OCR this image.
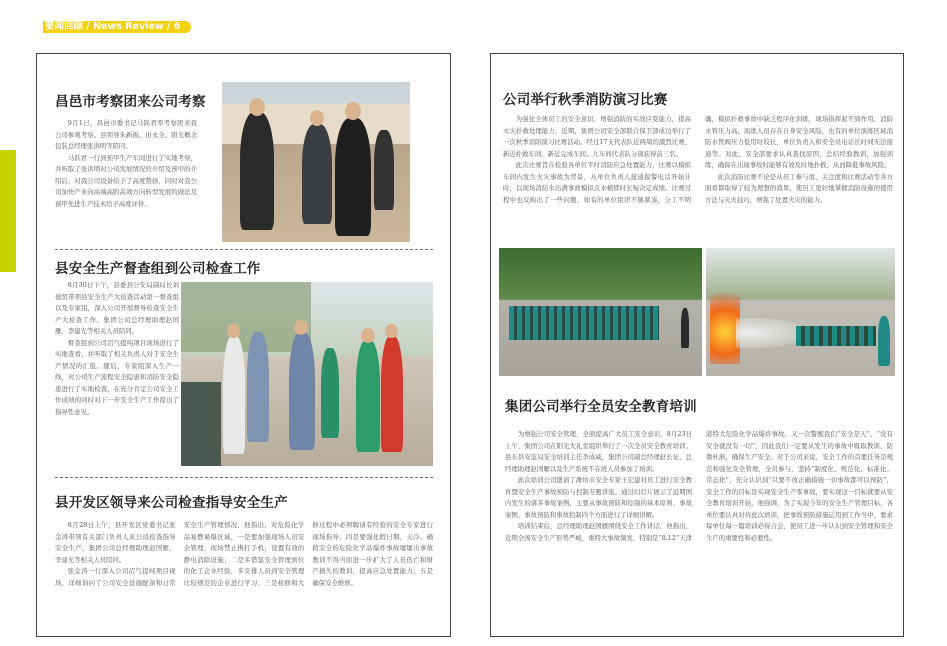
要闻回顾 / News Review / 6
昌邑市考察团来公司考察

9月1日，昌邑市委书记马跃君率考察团来我公司参观考察。县领导朱新振、田永全、阳光概念包装总经理张洪明等陪同。

马跃君一行到预甲生产车间进行了实地考察，并听取了张洪明对公司发展情况的介绍及预甲的介绍后，对我公司设备给予了高度赞扬，同时对我公司加快产业向高端高附高效方向转型发展的做法及预甲先进生产技术给予高度评价。

县安全生产督查组到公司检查工作

8月30日下午，县委县公安局副局长刘德贤带领县安全生产大检查活动第一督查组以及专家组，深入公司开展督导检查安全生产大检查工作。集团公司总经理助理赵国雁，李建光等相关人员陪同。

督查组到公司沼气提纯项目现场进行了实地查看，并听取了相关负责人对于安全生产情况的汇报。随后，专家组深入生产一线，对公司生产流程安全隐患和消防安全隐患进行了实地检查，在充分肯定公司安全工作成绩的同时对下一步安全生产工作提出了指导性意见。

县开发区领导来公司检查指导安全生产

8月28日上午，县开发区党委书记张金涛带领有关部门负责人来公司检查指导安全生产，集团公司总经理助理赵国雁，李建光等相关人员陪同。

张金涛一行深入公司沼气提纯项目现场，详细询问了公司安全设施配备和日常安全生产管理情况，他指出，对危险化学品易燃易爆区域，一是要加强现场人员安全管理，现场禁止携打手机，设置有效的静电消除设施；二是多借鉴安全管理到位的化工企业经验，多安排人员到安全管理比较规范的企业进行学习；三是检修和大修过程中必须聘请有经验的安全专家进行现场指导；四是要强化假日期，天冷、确稍安全的危险化学品爆炸事故屡屡出事故教训不得当而进一步扩大了人员伤亡和财产损失的教训，提高应急处置能力；五是确保安全维修。

公司举行秋季消防演习比赛

为强化全体员工的安全意识，增强消防的实战应变能力，提高火灾扑救处理能力，近期，集团公司安全部联合保卫部成功举行了一次秋季消防演习比赛活动。经过17支代表队近两周的激烈比赛，新近扑救车间、新近完成车间、九车间代表队分别获得前三名。

此次比赛旨在检验各单位平时消防应急处置能力，比赛以模拟车间内发生火灾事故为背景，从单位负责人接通报警电话开始计时，以现场消防水出满事故模拟点水桶即时长短决定成绩。比赛过程中也反映出了一些问题，如有的单位组织不够紧凑，分工不明确，模拟扑救事故中缺乏程序化训练，现场指挥起不到作用，消防水管压力高，演练人员存在自身安全风险，也有的单位演练区域消防水管阀压力低用时较长，单位负责人和安全员电话长时间无法接通等。对此，安全部要求认真查找原因，总结经验教训，加强训练，确保在出现事故时能够有效及时地扑救，从而降低事故风险。

此次消防比赛不论是从员工参与度、关注度和比赛活动等各方面看都取得了较为理想的效果，使员工更好地掌握消防设施的使用方法与灭火技巧，增强了处置火灾的能力。

集团公司举行全员安全教育培训

为增强公司安全管理，全面提高广大员工安全意识，8月23日上午，集团公司在阳光大礼堂组织举行了一次全员安全教育培训。县东县安监局安全培训主任李成威，集团公司副总经理赵长征，总经理助理赵国雁以及生产系统不在班人员参加了培训。

此次培训公司邀请了潍坊市安全专家王宏建对员工进行安全教育暨安全生产事故预防与控制专题讲座。通过幻灯片展示了近期国内发生的诸多事故案例，主要从事故预防和控制的基本原则、事故案例、事故预防和事故控制四个方面进行了详细讲解。

培训结束后，总经理助理赵国雁围绕安全工作讲话，他指出，近期全国安全生产形势严峻，重特大事故频发，特别是“8.12”天津港特大危险化学品爆炸事故，又一次警醒我们“安全是天”，“没有安全就没有一切”，因此我们一定要从发生的事故中吸取教训，防微杜渐，确保生产安全。对于公司来说，安全工作的首要任务是规范和强化安全管理，全员参与，坚持“制度化、规范化、标准化、常态化”，充分认识到“只要不放正确措施一切事故都可以预防”，安全工作的目标是实现安全生产零事故，要实现这一目标就要从安全教育培训开始，他强调，为了实现今年的安全生产管理目标，各单位要认真对待此次培训，把事故预防措施运用到工作当中，要求每单位每一篇培训必得合会，使员工进一步认识到安全管理和安全生产的重要性和必要性。
